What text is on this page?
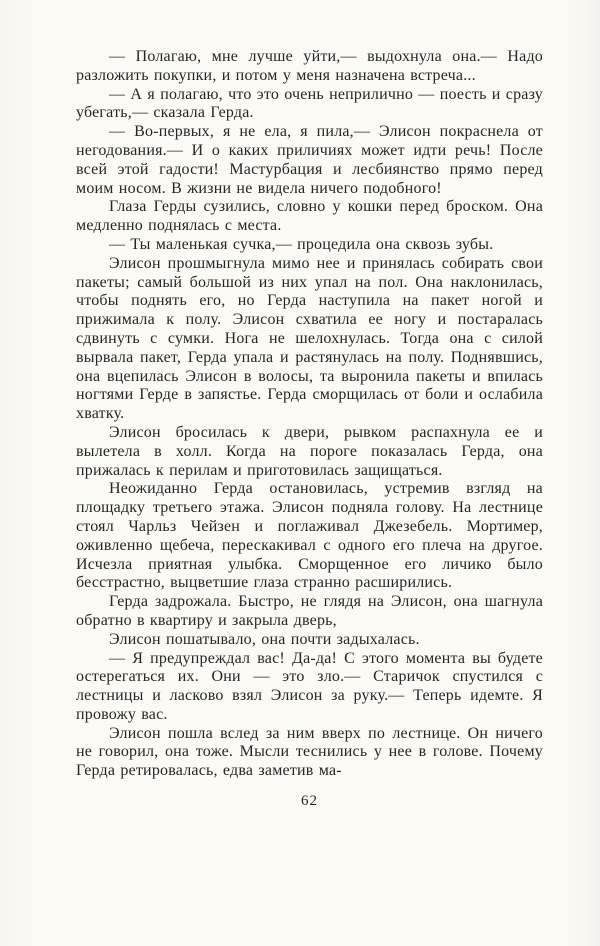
— Полагаю, мне лучше уйти,— выдохнула она.— Надо разложить покупки, и потом у меня назначена встреча...

— А я полагаю, что это очень неприлично — поесть и сразу убегать,— сказала Герда.

— Во-первых, я не ела, я пила,— Элисон покраснела от негодования.— И о каких приличиях может идти речь! После всей этой гадости! Мастурбация и лесбиянство прямо перед моим носом. В жизни не видела ничего подобного!

Глаза Герды сузились, словно у кошки перед броском. Она медленно поднялась с места.

— Ты маленькая сучка,— процедила она сквозь зубы.

Элисон прошмыгнула мимо нее и принялась собирать свои пакеты; самый большой из них упал на пол. Она наклонилась, чтобы поднять его, но Герда наступила на пакет ногой и прижимала к полу. Элисон схватила ее ногу и постаралась сдвинуть с сумки. Нога не шелохнулась. Тогда она с силой вырвала пакет, Герда упала и растянулась на полу. Поднявшись, она вцепилась Элисон в волосы, та выронила пакеты и впилась ногтями Герде в запястье. Герда сморщилась от боли и ослабила хватку.

Элисон бросилась к двери, рывком распахнула ее и вылетела в холл. Когда на пороге показалась Герда, она прижалась к перилам и приготовилась защищаться.

Неожиданно Герда остановилась, устремив взгляд на площадку третьего этажа. Элисон подняла голову. На лестнице стоял Чарльз Чейзен и поглаживал Джезебель. Мортимер, оживленно щебеча, перескакивал с одного его плеча на другое. Исчезла приятная улыбка. Сморщенное его личико было бесстрастно, выцветшие глаза странно расширились.

Герда задрожала. Быстро, не глядя на Элисон, она шагнула обратно в квартиру и закрыла дверь,

Элисон пошатывало, она почти задыхалась.

— Я предупреждал вас! Да-да! С этого момента вы будете остерегаться их. Они — это зло.— Старичок спустился с лестницы и ласково взял Элисон за руку.— Теперь идемте. Я провожу вас.

Элисон пошла вслед за ним вверх по лестнице. Он ничего не говорил, она тоже. Мысли теснились у нее в голове. Почему Герда ретировалась, едва заметив ма-

62
